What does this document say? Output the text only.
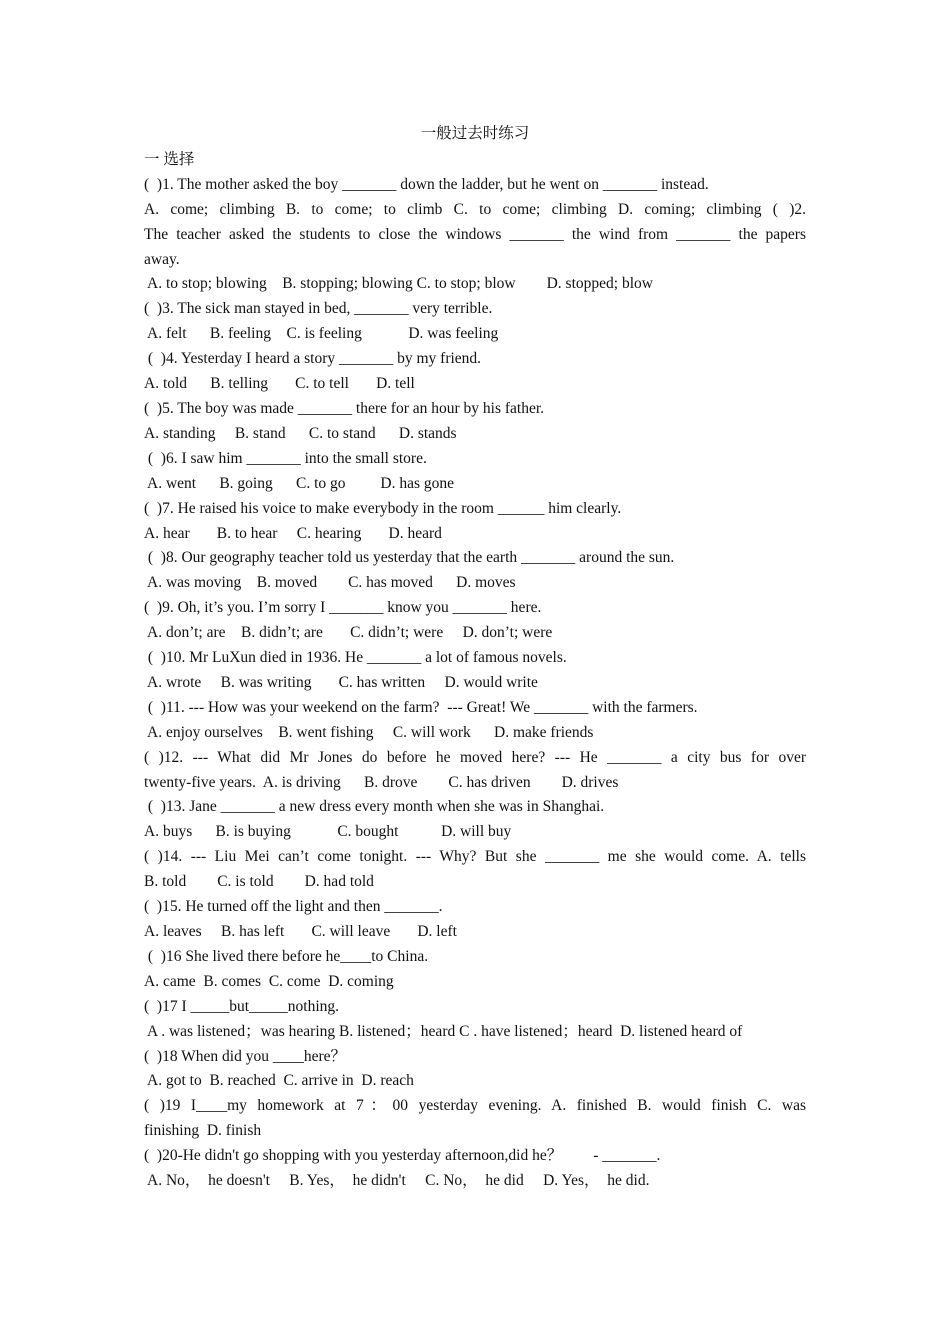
一般过去时练习
一 选择
(  )1. The mother asked the boy _______ down the ladder, but he went on _______ instead.
A. come; climbing B. to come; to climb C. to come; climbing D. coming; climbing ( )2.
The teacher asked the students to close the windows _______ the wind from _______ the papers
away.
A. to stop; blowing    B. stopping; blowing C. to stop; blow        D. stopped; blow
(  )3. The sick man stayed in bed, _______ very terrible.
A. felt      B. feeling    C. is feeling            D. was feeling
(  )4. Yesterday I heard a story _______ by my friend.
A. told      B. telling       C. to tell       D. tell
(  )5. The boy was made _______ there for an hour by his father.
A. standing     B. stand      C. to stand      D. stands
(  )6. I saw him _______ into the small store.
A. went      B. going      C. to go         D. has gone
(  )7. He raised his voice to make everybody in the room ______ him clearly.
A. hear       B. to hear     C. hearing       D. heard
(  )8. Our geography teacher told us yesterday that the earth _______ around the sun.
A. was moving    B. moved        C. has moved      D. moves
(  )9. Oh, it’s you. I’m sorry I _______ know you _______ here.
A. don’t; are    B. didn’t; are       C. didn’t; were     D. don’t; were
(  )10. Mr LuXun died in 1936. He _______ a lot of famous novels.
A. wrote     B. was writing       C. has written     D. would write
(  )11. --- How was your weekend on the farm?  --- Great! We _______ with the farmers.
A. enjoy ourselves    B. went fishing     C. will work      D. make friends
( )12. --- What did Mr Jones do before he moved here? --- He _______ a city bus for over
twenty-five years.  A. is driving      B. drove        C. has driven        D. drives
(  )13. Jane _______ a new dress every month when she was in Shanghai.
A. buys      B. is buying            C. bought           D. will buy
( )14. --- Liu Mei can’t come tonight. --- Why? But she _______ me she would come. A. tells
B. told        C. is told        D. had told
(  )15. He turned off the light and then _______.
A. leaves     B. has left       C. will leave       D. left
(  )16 She lived there before he____to China.
A. came  B. comes  C. come  D. coming
(  )17 I _____but_____nothing.
A . was listened；was hearing B. listened；heard C . have listened；heard  D. listened heard of
(  )18 When did you ____here？
A. got to  B. reached  C. arrive in  D. reach
( )19 I____my homework at 7：00 yesterday evening. A. finished B. would finish C. was
finishing  D. finish
(  )20-He didn't go shopping with you yesterday afternoon,did he？        - _______.
A. No，  he doesn't     B. Yes，  he didn't     C. No，  he did     D. Yes，  he did.
